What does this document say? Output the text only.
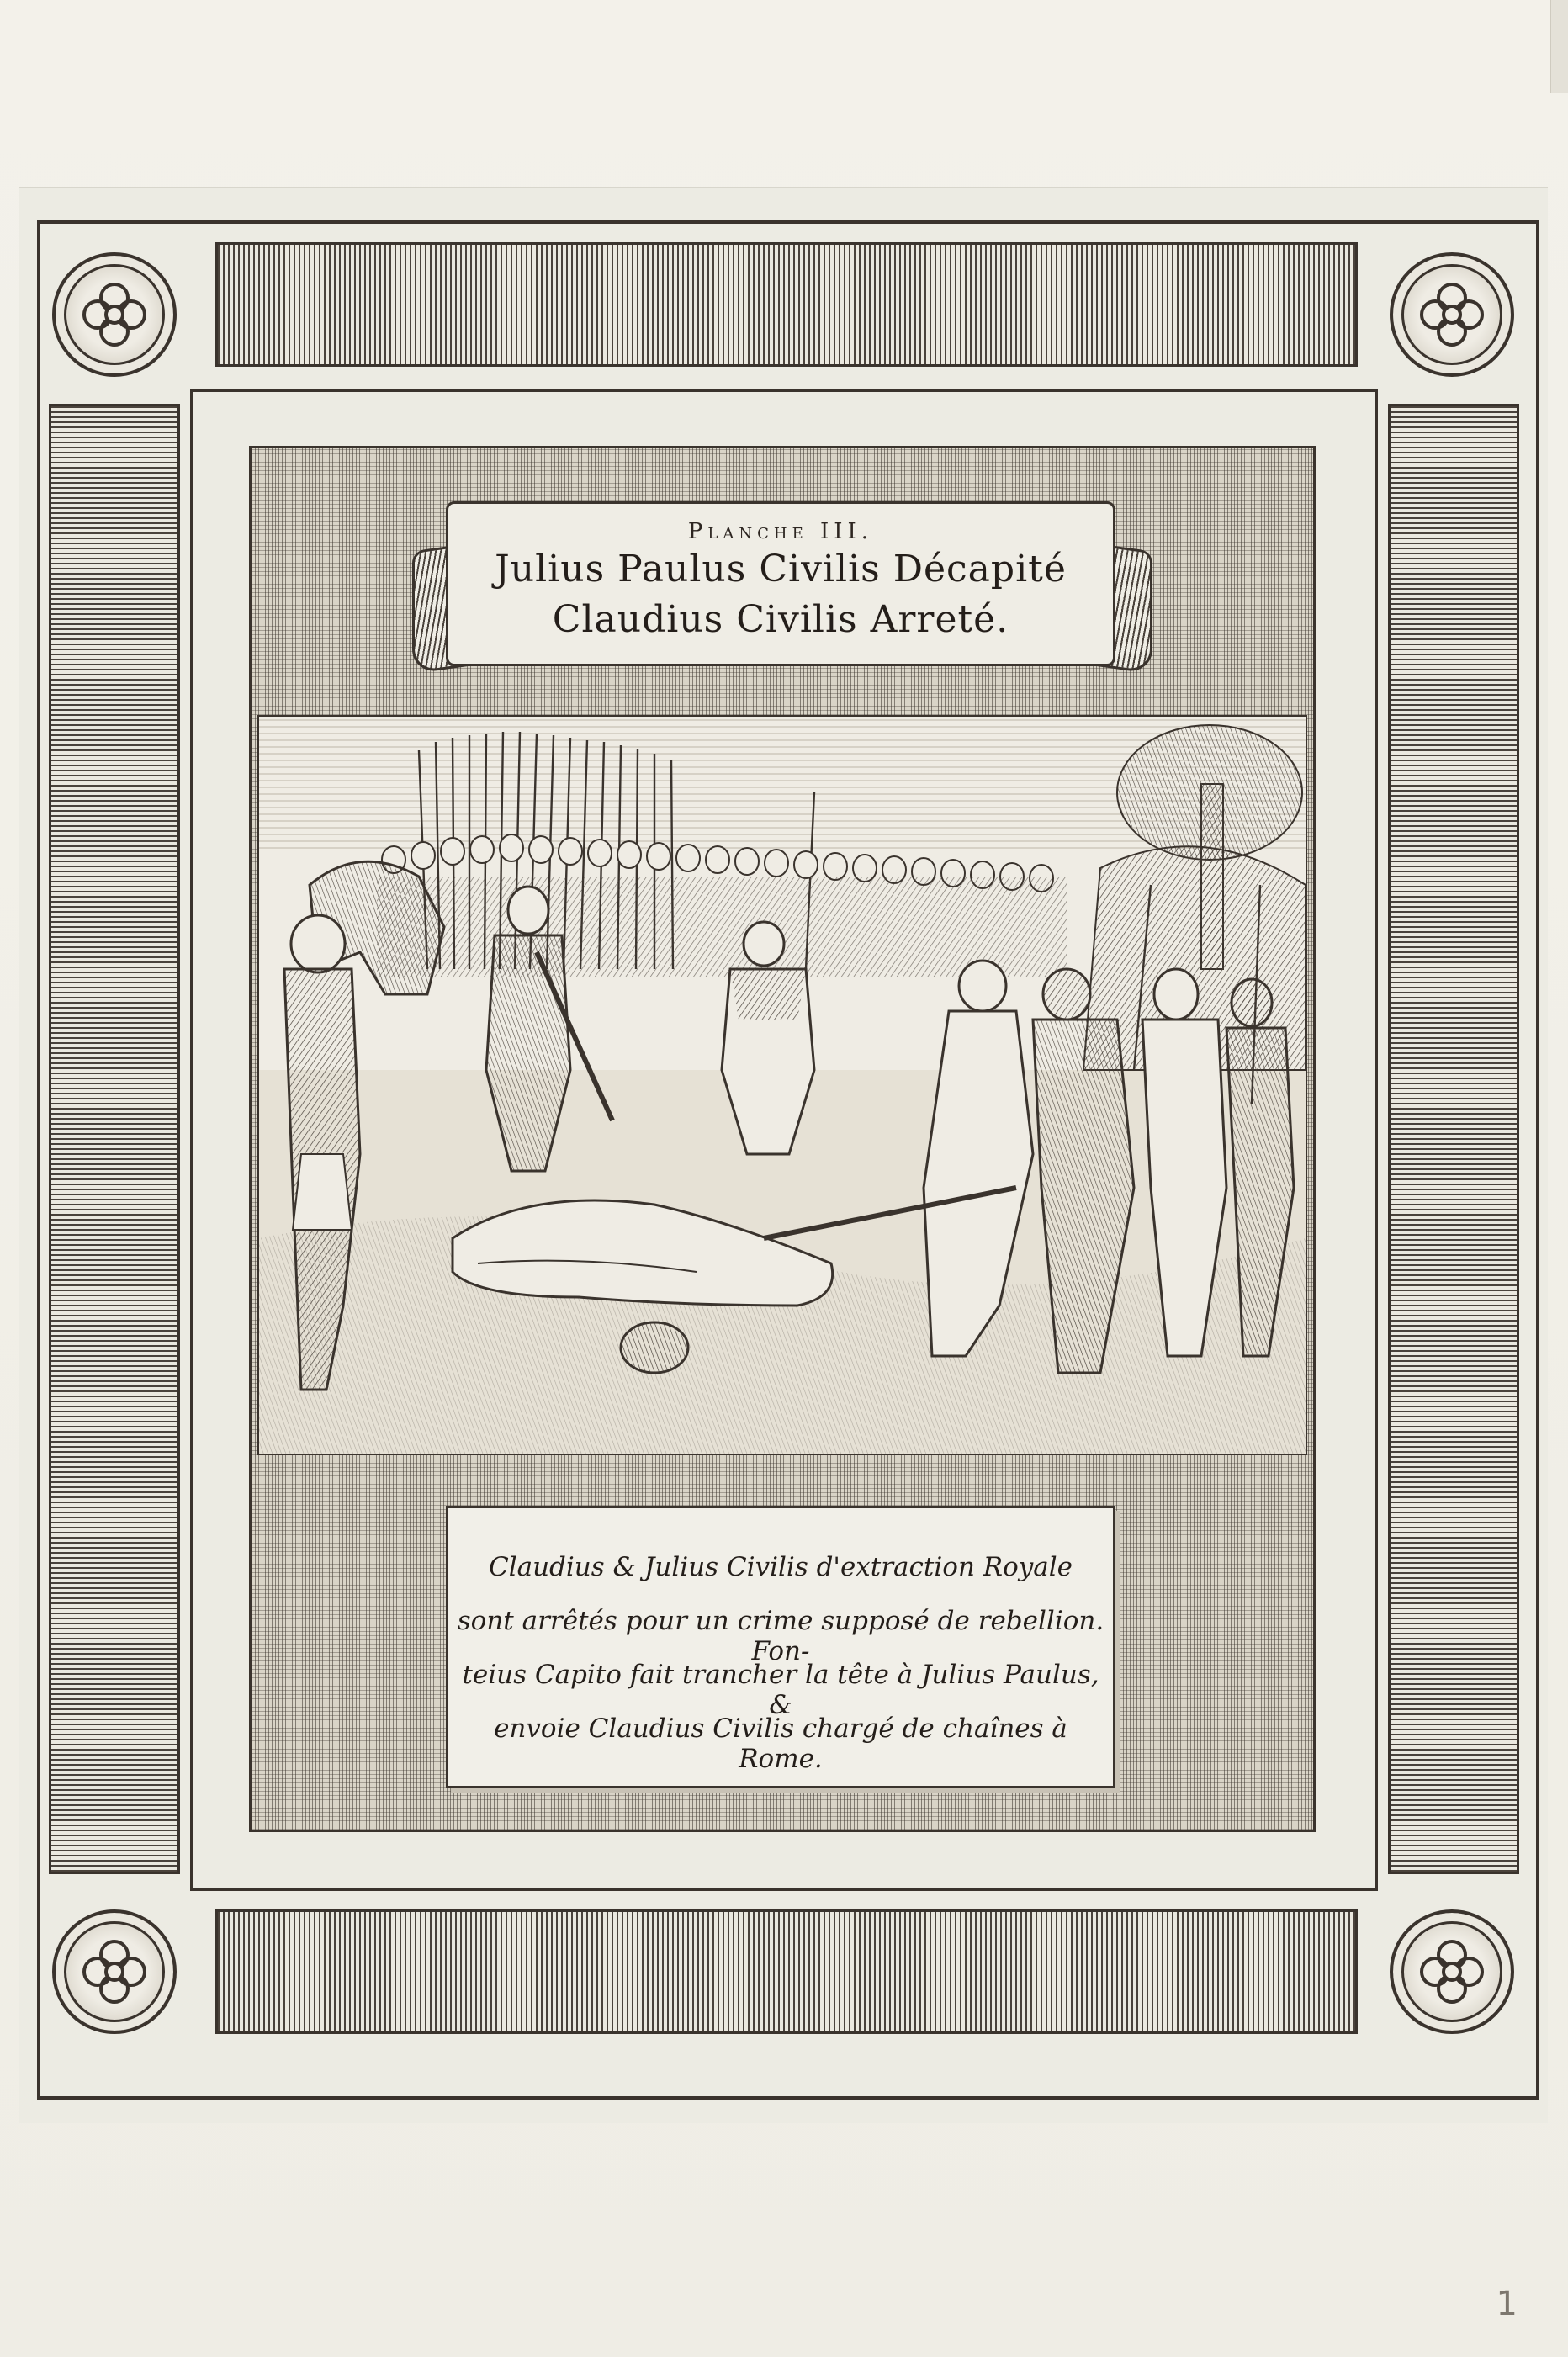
Planche III.
Julius Paulus Civilis Décapité
Claudius Civilis Arreté.
Claudius & Julius Civilis d'extraction Royale
sont arrêtés pour un crime supposé de rebellion. Fon-
teius Capito fait trancher la tête à Julius Paulus, &
envoie Claudius Civilis chargé de chaînes à Rome.
1
